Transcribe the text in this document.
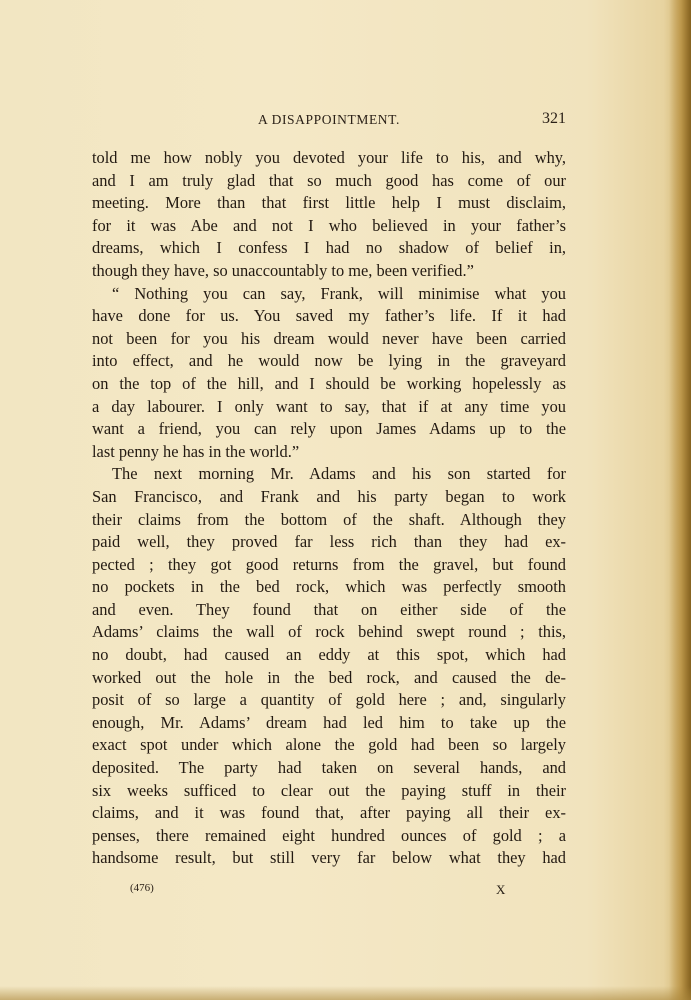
A DISAPPOINTMENT.	321
told me how nobly you devoted your life to his, and why,
and I am truly glad that so much good has come of our
meeting. More than that first little help I must disclaim,
for it was Abe and not I who believed in your father’s
dreams, which I confess I had no shadow of belief in,
though they have, so unaccountably to me, been verified.”
“ Nothing you can say, Frank, will minimise what you
have done for us. You saved my father’s life. If it had
not been for you his dream would never have been carried
into effect, and he would now be lying in the graveyard
on the top of the hill, and I should be working hopelessly as
a day labourer. I only want to say, that if at any time you
want a friend, you can rely upon James Adams up to the
last penny he has in the world.”
The next morning Mr. Adams and his son started for
San Francisco, and Frank and his party began to work
their claims from the bottom of the shaft. Although they
paid well, they proved far less rich than they had ex-
pected ; they got good returns from the gravel, but found
no pockets in the bed rock, which was perfectly smooth
and even. They found that on either side of the
Adams’ claims the wall of rock behind swept round ; this,
no doubt, had caused an eddy at this spot, which had
worked out the hole in the bed rock, and caused the de-
posit of so large a quantity of gold here ; and, singularly
enough, Mr. Adams’ dream had led him to take up the
exact spot under which alone the gold had been so largely
deposited. The party had taken on several hands, and
six weeks sufficed to clear out the paying stuff in their
claims, and it was found that, after paying all their ex-
penses, there remained eight hundred ounces of gold ; a
handsome result, but still very far below what they had
(476)	X
